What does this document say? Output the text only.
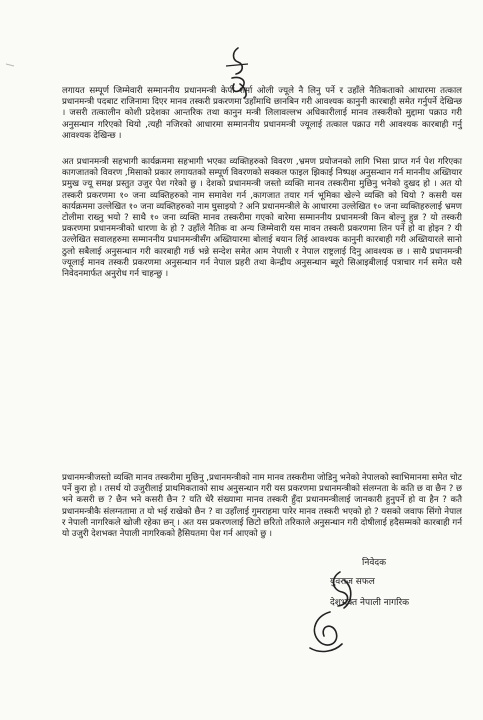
लगायत सम्पूर्ण जिम्मेवारी सम्माननीय प्रधानमन्त्री केपी शर्मा ओली ज्यूले नै लिनु पर्ने र उहाँले नैतिकताको आधारमा तत्काल प्रधानमन्त्री पदबाट राजिनामा दिएर मानव तस्करी प्रकरणमा उहाँमाथि छानबिन गरी आवश्यक कानुनी कारबाही समेत गर्नुपर्ने देखिन्छ । जसरी तत्कालीन कोशी प्रदेशका आन्तरिक तथा कानुन मन्त्री लिलावल्लभ अधिकारीलाई मानव तस्करीको मुद्दामा पक्राउ गरी अनुसन्धान गरिएको थियो ,त्यही नजिरको आधारमा सम्माननीय प्रधानमन्त्री ज्यूलाई तत्काल पक्राउ गरी आवश्यक कारबाही गर्नु आवश्यक देखिन्छ ।
अत प्रधानमन्त्री सहभागी कार्यक्रममा सहभागी भएका व्यक्तिहरुको विवरण ,भ्रमण प्रयोजनको लागि भिसा प्राप्त गर्न पेश गरिएका कागजातको विवरण ,मिसाको प्रकार लगायतको सम्पूर्ण विवरणको सक्कल फाइल झिकाई निष्पक्ष अनुसन्धान गर्न माननीय अख्तियार प्रमुख ज्यू समक्ष प्रस्तुत उजुर पेश गरेको छु । देशको प्रधानमन्त्री जस्तो व्यक्ति मानव तस्करीमा मुछिनु भनेको दुखद हो । अत यो तस्करी प्रकरणमा १० जना व्यक्तिहरुको नाम समावेश गर्न ,कागजात तयार गर्न भूमिका खेल्ने व्यक्ति को थियो ? कसरी यस कार्यक्रममा उल्लेखित १० जना व्यक्तिहरुको नाम घुसाइयो ? अनि प्रधानमन्त्रीले के आधारमा उल्लेखित १० जना व्यक्तिहरुलाई भ्रमण टोलीमा राख्नु भयो ? साथै १० जना व्यक्ति मानव तस्करीमा गएको बारेमा सम्माननीय प्रधानमन्त्री किन बोल्नु हुन्न ? यो तस्करी प्रकरणमा प्रधानमन्त्रीको धारणा के हो ? उहाँले नैतिक वा अन्य जिम्मेवारी यस मावन तस्करी प्रकरणमा लिन पर्ने हो वा होइन ? यी उल्लेखित सवालहरुमा सम्माननीय प्रधानमन्त्रीसँग अख्तियारमा बोलाई बयान लिई आवश्यक कानुनी कारबाही गरी अख्तियारले सानो ठुलो सबैलाई अनुसन्धान गरी कारबाही गर्छ भन्ने सन्देश समेत आम नेपाली र नेपाल राष्ट्रलाई दिनु आवश्यक छ । साथै प्रधानमन्त्री ज्यूलाई मानव तस्करी प्रकरणमा अनुसन्धान गर्न नेपाल प्रहरी तथा केन्द्रीय अनुसन्धान ब्यूरो सिआइबीलाई पत्राचार गर्न समेत यसै निवेदनमार्फत अनुरोध गर्न चाहन्छु ।
प्रधानमन्त्रीजस्तो व्यक्ति मानव तस्करीमा मुछिनु ,प्रधानमन्त्रीको नाम मानव तस्करीमा जोडिनु भनेको नेपालको स्वाभिमानमा समेत चोट पर्ने कुरा हो । तसर्थ यो उजुरीलाई प्राथमिकताको साथ अनुसन्धान गरी यस प्रकरणमा प्रधानमन्त्रीको संलग्नता के कति छ वा छैन ? छ भने कसरी छ ? छैन भने कसरी छैन ? यति धेरै संख्यामा मानव तस्करी हुँदा प्रधानमन्त्रीलाई जानकारी हुनुपर्ने हो वा हैन ? कतै प्रधानमन्त्रीकै संलग्नतामा त यो भई राखेको छैन ? वा उहाँलाई गुमराहमा पारेर मानव तस्करी भएको हो ? यसको जवाफ सिंगो नेपाल र नेपाली नागरिकले खोजी रहेका छन् । अत यस प्रकरणलाई छिटो छरितो तरिकाले अनुसन्धान गरी दोषीलाई हदैसम्मको कारबाही गर्न यो उजुरी देशभक्त नेपाली नागरिकको हैसियतमा पेश गर्न आएको छु ।
निवेदक
युवराज सफल
देशभक्त नेपाली नागरिक
